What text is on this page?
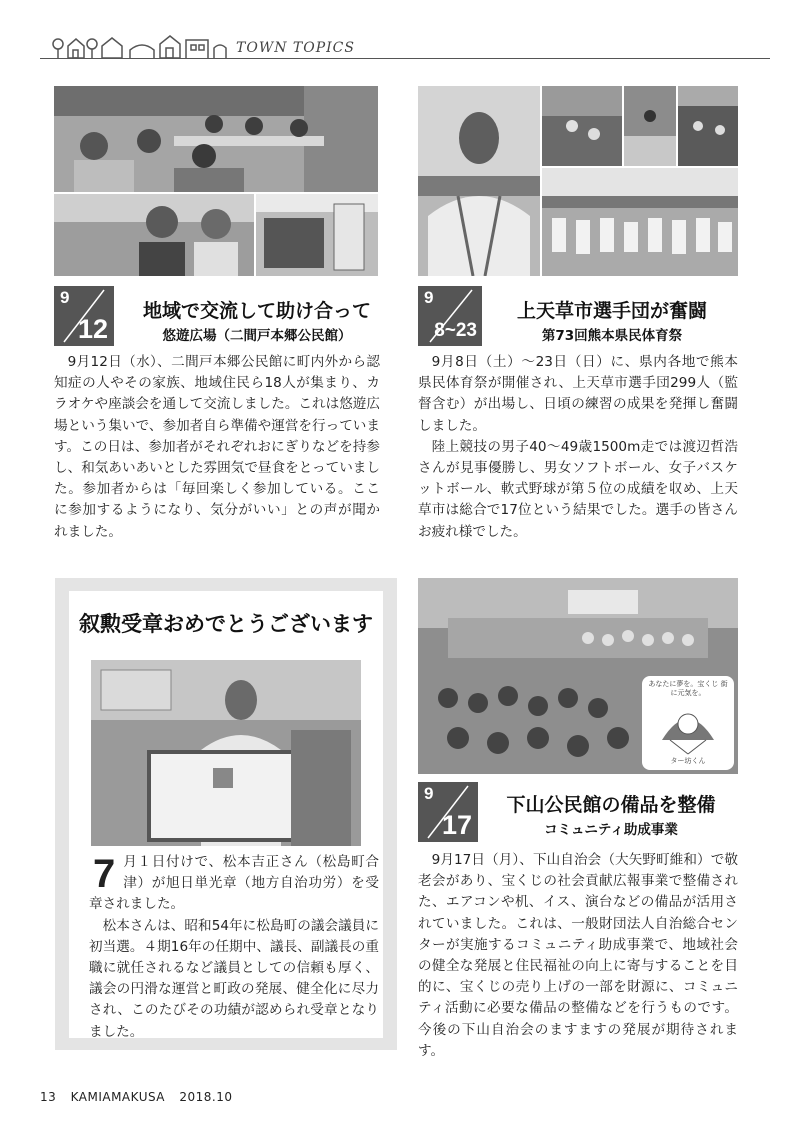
TOWN TOPICS
9
12
地域で交流して助け合って
悠遊広場（二間戸本郷公民館）

9月12日（水）、二間戸本郷公民館に町内外から認知症の人やその家族、地域住民ら18人が集まり、カラオケや座談会を通して交流しました。これは悠遊広場という集いで、参加者自ら準備や運営を行っています。この日は、参加者がそれぞれおにぎりなどを持参し、和気あいあいとした雰囲気で昼食をとっていました。参加者からは「毎回楽しく参加している。ここに参加するようになり、気分がいい」との声が聞かれました。

9
8~23
上天草市選手団が奮闘
第73回熊本県民体育祭

9月8日（土）～23日（日）に、県内各地で熊本県民体育祭が開催され、上天草市選手団299人（監督含む）が出場し、日頃の練習の成果を発揮し奮闘しました。

陸上競技の男子40～49歳1500m走では渡辺哲浩さんが見事優勝し、男女ソフトボール、女子バスケットボール、軟式野球が第５位の成績を収め、上天草市は総合で17位という結果でした。選手の皆さんお疲れ様でした。

叙勲受章おめでとうございます

7 月１日付けで、松本吉正さん（松島町合津）が旭日単光章（地方自治功労）を受章されました。

松本さんは、昭和54年に松島町の議会議員に初当選。４期16年の任期中、議長、副議長の重職に就任されるなど議員としての信頼も厚く、議会の円滑な運営と町政の発展、健全化に尽力され、このたびその功績が認められ受章となりました。

あなたに夢を。宝くじ 街に元気を。
ター坊くん
9
17
下山公民館の備品を整備
コミュニティ助成事業

9月17日（月）、下山自治会（大矢野町維和）で敬老会があり、宝くじの社会貢献広報事業で整備された、エアコンや机、イス、演台などの備品が活用されていました。これは、一般財団法人自治総合センターが実施するコミュニティ助成事業で、地域社会の健全な発展と住民福祉の向上に寄与することを目的に、宝くじの売り上げの一部を財源に、コミュニティ活動に必要な備品の整備などを行うものです。今後の下山自治会のますますの発展が期待されます。

13 KAMIAMAKUSA 2018.10
